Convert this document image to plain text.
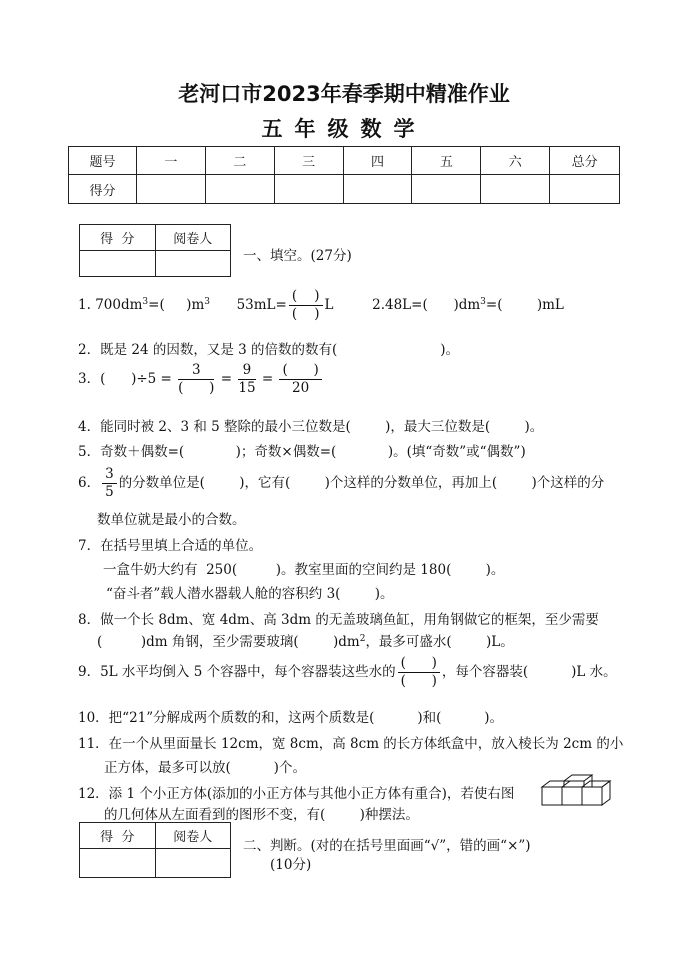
老河口市2023年春季期中精准作业
五年级数学
题号	一	二	三	四	五	六	总分
得分							
得  分	阅卷人

一、填空。(27分)
1. $700dm^3=$(     )$m^3$ $53mL= \frac{( )}{( )}$ L	2.48L=(      )$dm^3=$(        )mL
2．既是 24 的因数，又是 3 的倍数的数有(                        )。
3．(      )$\div 5 = \frac{3}{( )} = \frac{9}{15} = \frac{( )}{20}$
4．能同时被 2、3 和 5 整除的最小三位数是(        )，最大三位数是(        )。
5．奇数＋偶数=(            )；奇数×偶数=(            )。(填“奇数”或“偶数”)
6． $\frac{3}{5}$ 的分数单位是(        )，它有(        )个这样的分数单位，再加上(        )个这样的分
数单位就是最小的合数。
7．在括号里填上合适的单位。
一盒牛奶大约有  250(         )。教室里面的空间约是 180(        )。
“奋斗者”载人潜水器载人舱的容积约 3(        )。
8．做一个长 8dm、宽 4dm、高 3dm 的无盖玻璃鱼缸，用角钢做它的框架，至少需要
(         )dm 角钢，至少需要玻璃(        )$dm^2$，最多可盛水(        )L。
9．5L 水平均倒入 5 个容器中，每个容器装这些水的 $\frac{( )}{( )}$ ，每个容器装(          )L 水。
10．把“21”分解成两个质数的和，这两个质数是(          )和(          )。
11．在一个从里面量长 12cm，宽 8cm，高 8cm 的长方体纸盒中，放入棱长为 2cm 的小
正方体，最多可以放(          )个。
12．添 1 个小正方体(添加的小正方体与其他小正方体有重合)，若使右图
的几何体从左面看到的图形不变，有(        )种摆法。
得  分	阅卷人

二、判断。(对的在括号里面画“√”，错的画“×”)
(10分)
